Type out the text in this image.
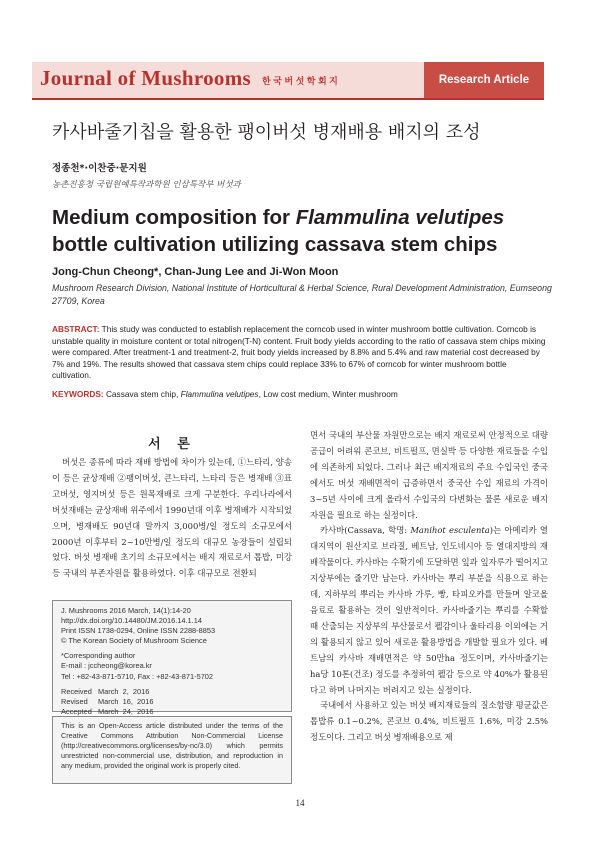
Journal of Mushrooms 한국버섯학회지	Research Article
카사바줄기칩을 활용한 팽이버섯 병재배용 배지의 조성
정종천*·이찬중·문지원
농촌진흥청 국립원예특작과학원 인삼특작부 버섯과
Medium composition for Flammulina velutipes bottle cultivation utilizing cassava stem chips
Jong-Chun Cheong*, Chan-Jung Lee and Ji-Won Moon
Mushroom Research Division, National Institute of Horticultural & Herbal Science, Rural Development Administration, Eumseong 27709, Korea
ABSTRACT: This study was conducted to establish replacement the corncob used in winter mushroom bottle cultivation. Corncob is unstable quality in moisture content or total nitrogen(T-N) content. Fruit body yields according to the ratio of cassava stem chips mixing were compared. After treatment-1 and treatment-2, fruit body yields increased by 8.8% and 5.4% and raw material cost decreased by 7% and 19%. The results showed that cassava stem chips could replace 33% to 67% of corncob for winter mushroom bottle cultivation.
KEYWORDS: Cassava stem chip, Flammulina velutipes, Low cost medium, Winter mushroom
서 론

버섯은 종류에 따라 재배 방법에 차이가 있는데, ①느타리, 양송이 등은 균상재배 ②팽이버섯, 큰느타리, 느타리 등은 병재배 ③표고버섯, 영지버섯 등은 원목재배로 크게 구분한다. 우리나라에서 버섯재배는 균상재배 위주에서 1990년대 이후 병재배가 시작되었으며, 병재배도 90년대 말까지 3,000병/일 정도의 소규모에서 2000년 이후부터 2~10만병/일 정도의 대규모 농장들이 설립되었다. 버섯 병재배 초기의 소규모에서는 배지 재료로서 톱밥, 미강 등 국내의 부존자원을 활용하였다. 이후 대규모로 전환되

J. Mushrooms 2016 March, 14(1):14-20
http://dx.doi.org/10.14480/JM.2016.14.1.14
Print ISSN 1738-0294, Online ISSN 2288-8853
© The Korean Society of Mushroom Science
*Corresponding author
E-mail : jccheong@korea.kr
Tel : +82-43-871-5710, Fax : +82-43-871-5702
Received   March  2,  2016
Revised     March  16,  2016
Accepted   March  24,  2016
This is an Open-Access article distributed under the terms of the Creative Commons Attribution Non-Commercial License (http://creativecommons.org/licenses/by-nc/3.0) which permits unrestricted non-commercial use, distribution, and reproduction in any medium, provided the original work is properly cited.

면서 국내의 부산물 자원만으로는 배지 재료로써 안정적으로 대량 공급이 어려워 콘코브, 비트펄프, 면실박 등 다양한 재료들을 수입에 의존하게 되었다. 그러나 최근 배지재료의 주요 수입국인 중국에서도 버섯 재배면적이 급증하면서 중국산 수입 재료의 가격이 3~5년 사이에 크게 올라서 수입국의 다변화는 물론 새로운 배지 자원을 필요로 하는 실정이다.

카사바(Cassava, 학명: Manihot esculenta)는 아메리카 열대지역이 원산지로 브라질, 베트남, 인도네시아 등 열대지방의 재배작물이다. 카사바는 수확기에 도달하면 잎과 잎자루가 떨어지고 지상부에는 줄기만 남는다. 카사바는 뿌리 부분을 식용으로 하는데, 지하부의 뿌리는 카사바 가루, 빵, 타피오카를 만들며 알코올음료로 활용하는 것이 일반적이다. 카사바줄기는 뿌리를 수확할 때 산출되는 지상부의 부산물로서 펠감이나 울타리용 이외에는 거의 활용되지 않고 있어 새로운 활용방법을 개발할 필요가 있다. 베트남의 카사바 재배면적은 약 50만ha 정도이며, 카사바줄기는 ha당 10톤(건조) 정도를 추정하여 펠감 등으로 약 40%가 활용된다고 하며 나머지는 버려지고 있는 실정이다.

국내에서 사용하고 있는 버섯 배지재료들의 질소함량 평균값은 톱밥류 0.1~0.2%, 콘코브 0.4%, 비트펄프 1.6%, 미강 2.5% 정도이다. 그리고 버섯 병재배용으로 제

14
